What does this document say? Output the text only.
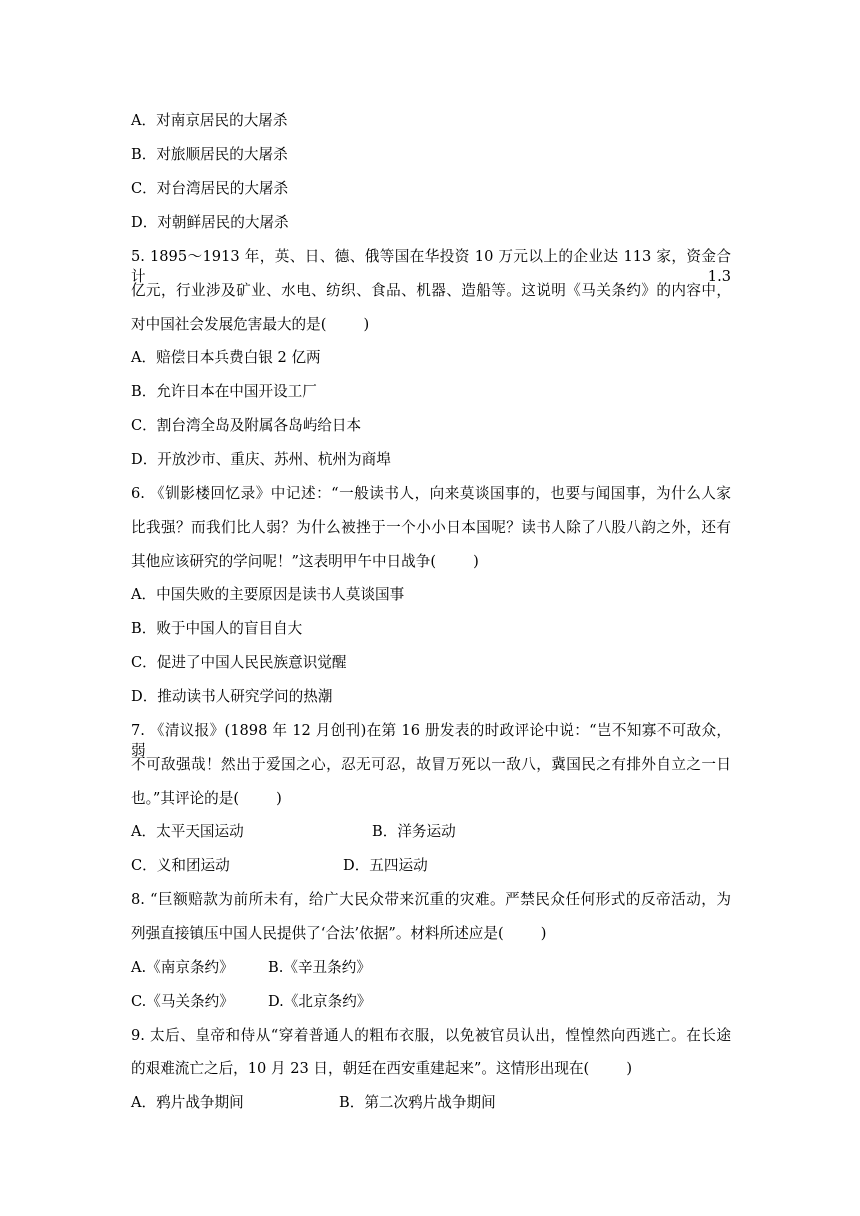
A．对南京居民的大屠杀
B．对旅顺居民的大屠杀
C．对台湾居民的大屠杀
D．对朝鲜居民的大屠杀
5. 1895～1913 年，英、日、德、俄等国在华投资 10 万元以上的企业达 113 家，资金合计 1.3
亿元，行业涉及矿业、水电、纺织、食品、机器、造船等。这说明《马关条约》的内容中，
对中国社会发展危害最大的是(        )
A．赔偿日本兵费白银 2 亿两
B．允许日本在中国开设工厂
C．割台湾全岛及附属各岛屿给日本
D．开放沙市、重庆、苏州、杭州为商埠
6. 《钏影楼回忆录》中记述：“一般读书人，向来莫谈国事的，也要与闻国事，为什么人家
比我强？而我们比人弱？为什么被挫于一个小小日本国呢？读书人除了八股八韵之外，还有
其他应该研究的学问呢！”这表明甲午中日战争(        )
A．中国失败的主要原因是读书人莫谈国事
B．败于中国人的盲目自大
C．促进了中国人民民族意识觉醒
D．推动读书人研究学问的热潮
7. 《清议报》(1898 年 12 月创刊)在第 16 册发表的时政评论中说：“岂不知寡不可敌众，弱
不可敌强哉！然出于爱国之心，忍无可忍，故冒万死以一敌八，冀国民之有排外自立之一日
也。”其评论的是(        )
A．太平天国运动	B．洋务运动
C．义和团运动	D．五四运动
8. “巨额赔款为前所未有，给广大民众带来沉重的灾难。严禁民众任何形式的反帝活动，为
列强直接镇压中国人民提供了‘合法’依据”。材料所述应是(        )
A.《南京条约》 B.《辛丑条约》
C.《马关条约》 D.《北京条约》
9. 太后、皇帝和侍从“穿着普通人的粗布衣服，以免被官员认出，惶惶然向西逃亡。在长途
的艰难流亡之后，10 月 23 日，朝廷在西安重建起来”。这情形出现在(        )
A．鸦片战争期间	B．第二次鸦片战争期间
